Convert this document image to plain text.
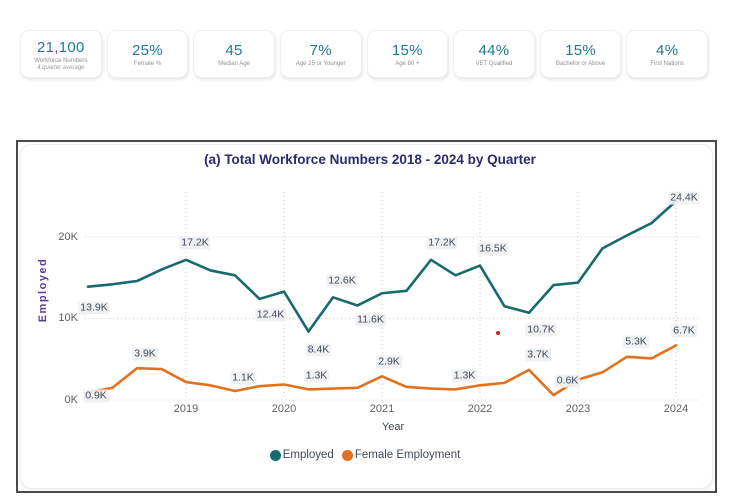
21,100
Workforce Numbers
4 quarter average
25%
Female %
45
Median Age
7%
Age 25 or Younger
15%
Age 60 +
44%
VET Qualified
15%
Bachelor or Above
4%
First Nations
(a) Total Workforce Numbers 2018 - 2024 by Quarter
Employed
0K
10K
20K
13.9K
17.2K
12.4K
8.4K
12.6K
11.6K
17.2K 16.5K
10.7K
24.4K
0.9K
3.9K
1.1K	1.3K
2.9K
1.3K
3.7K
0.6K
5.3K
6.7K
2019	2020	2021	2022	2023	2024
Year
Employed Female Employment
